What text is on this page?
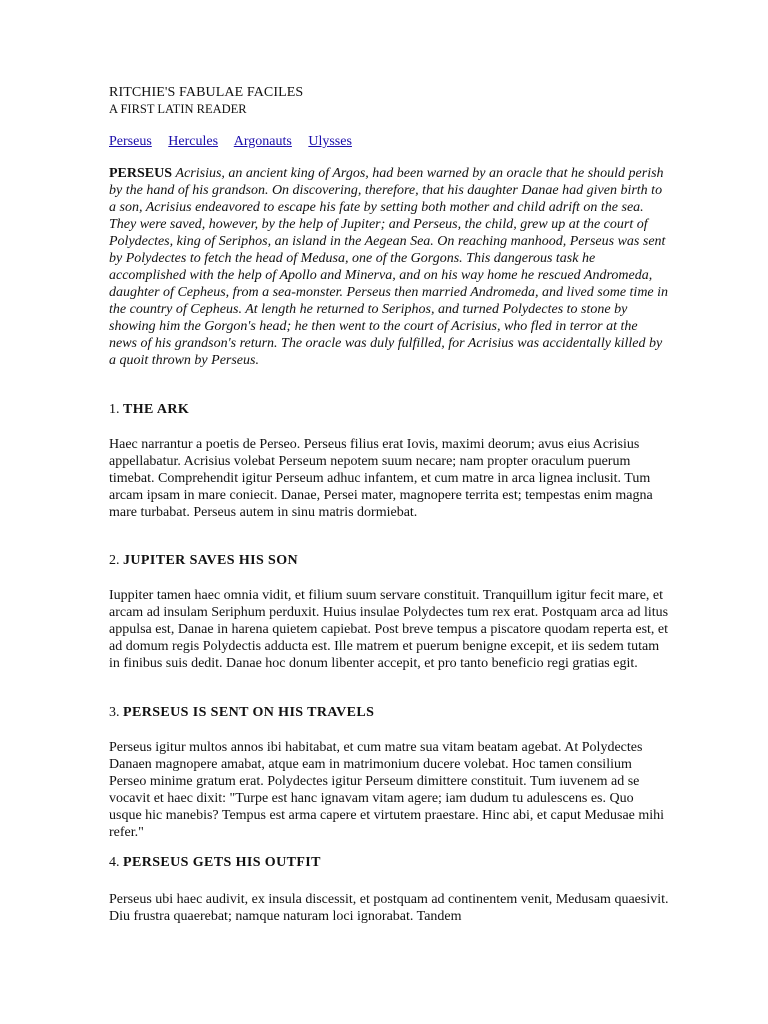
RITCHIE'S FABULAE FACILES
A FIRST LATIN READER
Perseus Hercules Argonauts Ulysses

PERSEUS Acrisius, an ancient king of Argos, had been warned by an oracle that he should perish by the hand of his grandson. On discovering, therefore, that his daughter Danae had given birth to a son, Acrisius endeavored to escape his fate by setting both mother and child adrift on the sea. They were saved, however, by the help of Jupiter; and Perseus, the child, grew up at the court of Polydectes, king of Seriphos, an island in the Aegean Sea. On reaching manhood, Perseus was sent by Polydectes to fetch the head of Medusa, one of the Gorgons. This dangerous task he accomplished with the help of Apollo and Minerva, and on his way home he rescued Andromeda, daughter of Cepheus, from a sea-monster. Perseus then married Andromeda, and lived some time in the country of Cepheus. At length he returned to Seriphos, and turned Polydectes to stone by showing him the Gorgon's head; he then went to the court of Acrisius, who fled in terror at the news of his grandson's return. The oracle was duly fulfilled, for Acrisius was accidentally killed by a quoit thrown by Perseus.

1. THE ARK

Haec narrantur a poetis de Perseo. Perseus filius erat Iovis, maximi deorum; avus eius Acrisius appellabatur. Acrisius volebat Perseum nepotem suum necare; nam propter oraculum puerum timebat. Comprehendit igitur Perseum adhuc infantem, et cum matre in arca lignea inclusit. Tum arcam ipsam in mare coniecit. Danae, Persei mater, magnopere territa est; tempestas enim magna mare turbabat. Perseus autem in sinu matris dormiebat.

2. JUPITER SAVES HIS SON

Iuppiter tamen haec omnia vidit, et filium suum servare constituit. Tranquillum igitur fecit mare, et arcam ad insulam Seriphum perduxit. Huius insulae Polydectes tum rex erat. Postquam arca ad litus appulsa est, Danae in harena quietem capiebat. Post breve tempus a piscatore quodam reperta est, et ad domum regis Polydectis adducta est. Ille matrem et puerum benigne excepit, et iis sedem tutam in finibus suis dedit. Danae hoc donum libenter accepit, et pro tanto beneficio regi gratias egit.

3. PERSEUS IS SENT ON HIS TRAVELS

Perseus igitur multos annos ibi habitabat, et cum matre sua vitam beatam agebat. At Polydectes Danaen magnopere amabat, atque eam in matrimonium ducere volebat. Hoc tamen consilium Perseo minime gratum erat. Polydectes igitur Perseum dimittere constituit. Tum iuvenem ad se vocavit et haec dixit: "Turpe est hanc ignavam vitam agere; iam dudum tu adulescens es. Quo usque hic manebis? Tempus est arma capere et virtutem praestare. Hinc abi, et caput Medusae mihi refer."

4. PERSEUS GETS HIS OUTFIT

Perseus ubi haec audivit, ex insula discessit, et postquam ad continentem venit, Medusam quaesivit. Diu frustra quaerebat; namque naturam loci ignorabat. Tandem
